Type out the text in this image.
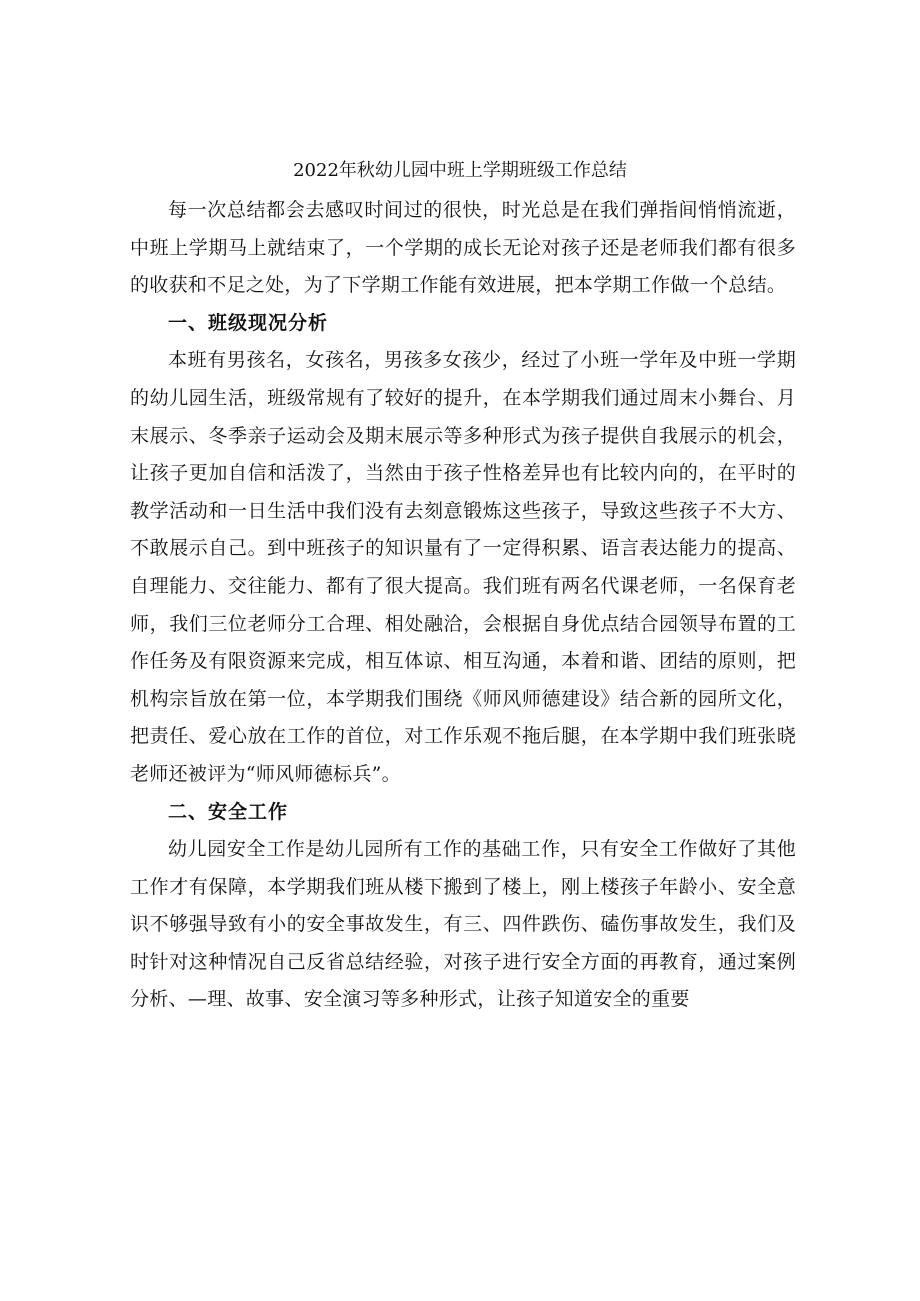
2022年秋幼儿园中班上学期班级工作总结

每一次总结都会去感叹时间过的很快，时光总是在我们弹指间悄悄流逝，中班上学期马上就结束了，一个学期的成长无论对孩子还是老师我们都有很多的收获和不足之处，为了下学期工作能有效进展，把本学期工作做一个总结。

一、班级现况分析

本班有男孩名，女孩名，男孩多女孩少，经过了小班一学年及中班一学期的幼儿园生活，班级常规有了较好的提升，在本学期我们通过周末小舞台、月末展示、冬季亲子运动会及期末展示等多种形式为孩子提供自我展示的机会，让孩子更加自信和活泼了，当然由于孩子性格差异也有比较内向的，在平时的教学活动和一日生活中我们没有去刻意锻炼这些孩子，导致这些孩子不大方、不敢展示自己。到中班孩子的知识量有了一定得积累、语言表达能力的提高、自理能力、交往能力、都有了很大提高。我们班有两名代课老师，一名保育老师，我们三位老师分工合理、相处融洽，会根据自身优点结合园领导布置的工作任务及有限资源来完成，相互体谅、相互沟通，本着和谐、团结的原则，把机构宗旨放在第一位，本学期我们围绕《师风师德建设》结合新的园所文化，把责任、爱心放在工作的首位，对工作乐观不拖后腿，在本学期中我们班张晓老师还被评为“师风师德标兵”。

二、安全工作

幼儿园安全工作是幼儿园所有工作的基础工作，只有安全工作做好了其他工作才有保障，本学期我们班从楼下搬到了楼上，刚上楼孩子年龄小、安全意识不够强导致有小的安全事故发生，有三、四件跌伤、磕伤事故发生，我们及时针对这种情况自己反省总结经验，对孩子进行安全方面的再教育，通过案例分析、—理、故事、安全演习等多种形式，让孩子知道安全的重要
